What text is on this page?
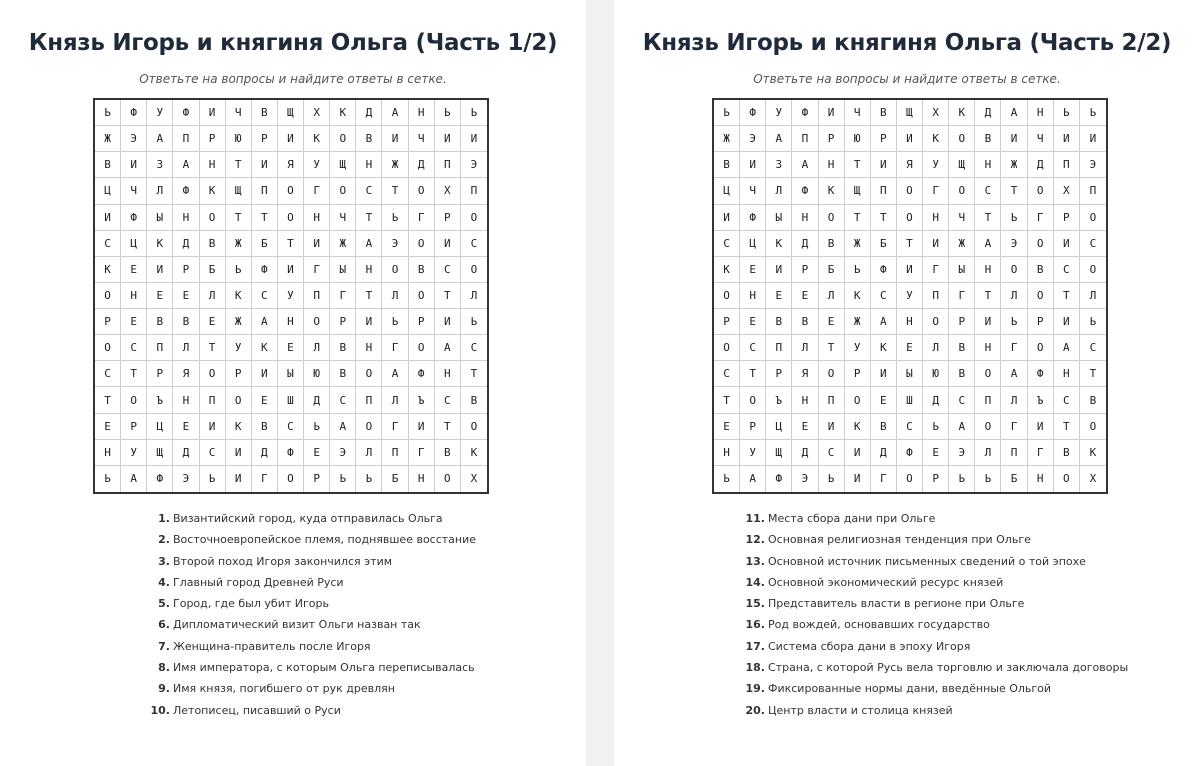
Князь Игорь и княгиня Ольга (Часть 1/2)

Ответьте на вопросы и найдите ответы в сетке.

Ь	Ф	У	Ф	И	Ч	В	Щ	Х	К	Д	А	Н	Ь	Ь
Ж	Э	А	П	Р	Ю	Р	И	К	О	В	И	Ч	И	И
В	И	З	А	Н	Т	И	Я	У	Щ	Н	Ж	Д	П	Э
Ц	Ч	Л	Ф	К	Щ	П	О	Г	О	С	Т	О	Х	П
И	Ф	Ы	Н	О	Т	Т	О	Н	Ч	Т	Ь	Г	Р	О
С	Ц	К	Д	В	Ж	Б	Т	И	Ж	А	Э	О	И	С
К	Е	И	Р	Б	Ь	Ф	И	Г	Ы	Н	О	В	С	О
О	Н	Е	Е	Л	К	С	У	П	Г	Т	Л	О	Т	Л
Р	Е	В	В	Е	Ж	А	Н	О	Р	И	Ь	Р	И	Ь
О	С	П	Л	Т	У	К	Е	Л	В	Н	Г	О	А	С
С	Т	Р	Я	О	Р	И	Ы	Ю	В	О	А	Ф	Н	Т
Т	О	Ъ	Н	П	О	Е	Ш	Д	С	П	Л	Ъ	С	В
Е	Р	Ц	Е	И	К	В	С	Ь	А	О	Г	И	Т	О
Н	У	Щ	Д	С	И	Д	Ф	Е	Э	Л	П	Г	В	К
Ь	А	Ф	Э	Ь	И	Г	О	Р	Ь	Ь	Б	Н	О	Х
1. Византийский город, куда отправилась Ольга
2. Восточноевропейское племя, поднявшее восстание
3. Второй поход Игоря закончился этим
4. Главный город Древней Руси
5. Город, где был убит Игорь
6. Дипломатический визит Ольги назван так
7. Женщина-правитель после Игоря
8. Имя императора, с которым Ольга переписывалась
9. Имя князя, погибшего от рук древлян
10. Летописец, писавший о Руси
Князь Игорь и княгиня Ольга (Часть 2/2)

Ответьте на вопросы и найдите ответы в сетке.

Ь	Ф	У	Ф	И	Ч	В	Щ	Х	К	Д	А	Н	Ь	Ь
Ж	Э	А	П	Р	Ю	Р	И	К	О	В	И	Ч	И	И
В	И	З	А	Н	Т	И	Я	У	Щ	Н	Ж	Д	П	Э
Ц	Ч	Л	Ф	К	Щ	П	О	Г	О	С	Т	О	Х	П
И	Ф	Ы	Н	О	Т	Т	О	Н	Ч	Т	Ь	Г	Р	О
С	Ц	К	Д	В	Ж	Б	Т	И	Ж	А	Э	О	И	С
К	Е	И	Р	Б	Ь	Ф	И	Г	Ы	Н	О	В	С	О
О	Н	Е	Е	Л	К	С	У	П	Г	Т	Л	О	Т	Л
Р	Е	В	В	Е	Ж	А	Н	О	Р	И	Ь	Р	И	Ь
О	С	П	Л	Т	У	К	Е	Л	В	Н	Г	О	А	С
С	Т	Р	Я	О	Р	И	Ы	Ю	В	О	А	Ф	Н	Т
Т	О	Ъ	Н	П	О	Е	Ш	Д	С	П	Л	Ъ	С	В
Е	Р	Ц	Е	И	К	В	С	Ь	А	О	Г	И	Т	О
Н	У	Щ	Д	С	И	Д	Ф	Е	Э	Л	П	Г	В	К
Ь	А	Ф	Э	Ь	И	Г	О	Р	Ь	Ь	Б	Н	О	Х
11. Места сбора дани при Ольге
12. Основная религиозная тенденция при Ольге
13. Основной источник письменных сведений о той эпохе
14. Основной экономический ресурс князей
15. Представитель власти в регионе при Ольге
16. Род вождей, основавших государство
17. Система сбора дани в эпоху Игоря
18. Страна, с которой Русь вела торговлю и заключала договоры
19. Фиксированные нормы дани, введённые Ольгой
20. Центр власти и столица князей
